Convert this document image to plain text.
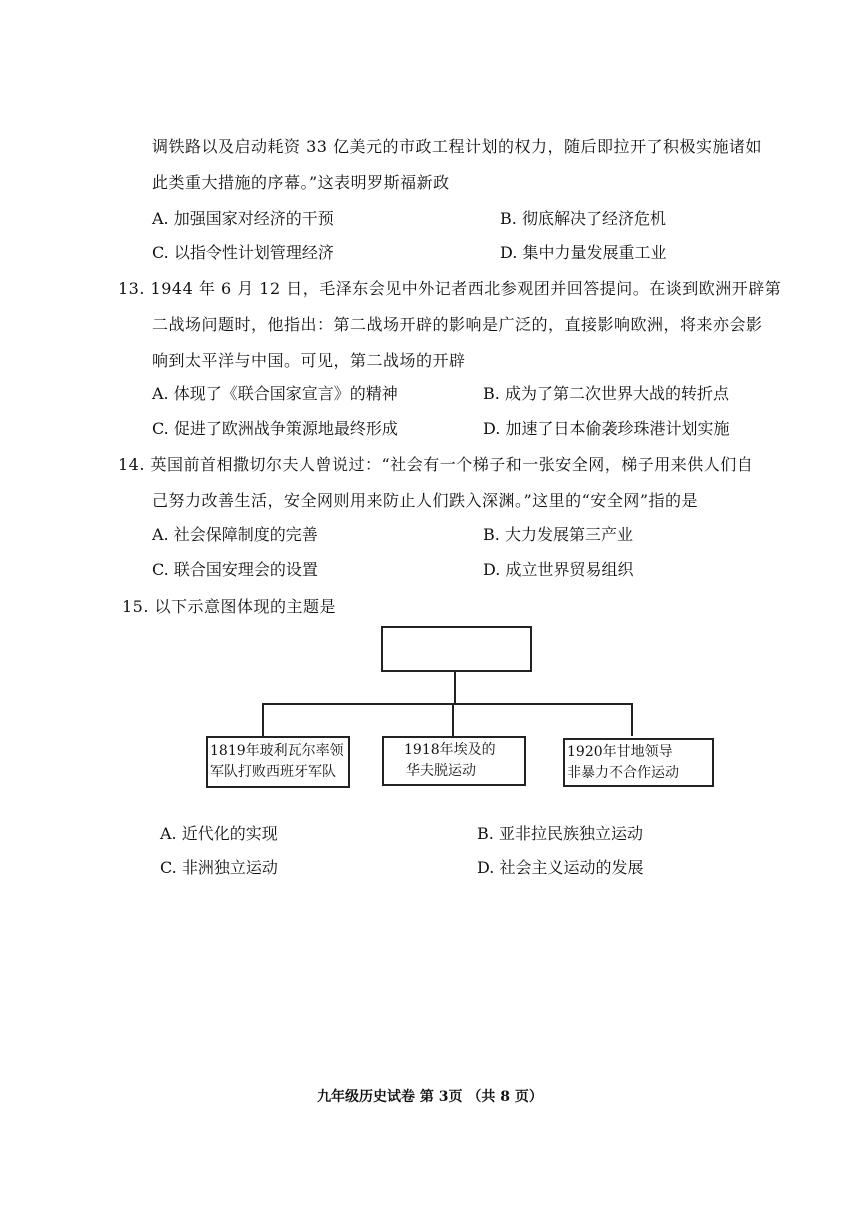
调铁路以及启动耗资 33 亿美元的市政工程计划的权力，随后即拉开了积极实施诸如
此类重大措施的序幕。”这表明罗斯福新政
A. 加强国家对经济的干预	B. 彻底解决了经济危机
C. 以指令性计划管理经济	D. 集中力量发展重工业
13. 1944 年 6 月 12 日，毛泽东会见中外记者西北参观团并回答提问。在谈到欧洲开辟第
二战场问题时，他指出：第二战场开辟的影响是广泛的，直接影响欧洲，将来亦会影
响到太平洋与中国。可见，第二战场的开辟
A. 体现了《联合国家宣言》的精神	B. 成为了第二次世界大战的转折点
C. 促进了欧洲战争策源地最终形成	D. 加速了日本偷袭珍珠港计划实施
14. 英国前首相撒切尔夫人曾说过：“社会有一个梯子和一张安全网，梯子用来供人们自
己努力改善生活，安全网则用来防止人们跌入深渊。”这里的“安全网”指的是
A. 社会保障制度的完善	B. 大力发展第三产业
C. 联合国安理会的设置	D. 成立世界贸易组织
15. 以下示意图体现的主题是
1819年玻利瓦尔率领
军队打败西班牙军队
1918年埃及的
华夫脱运动
1920年甘地领导
非暴力不合作运动
A. 近代化的实现	B. 亚非拉民族独立运动
C. 非洲独立运动	D. 社会主义运动的发展
九年级历史试卷 第 3页 （共 8 页）
